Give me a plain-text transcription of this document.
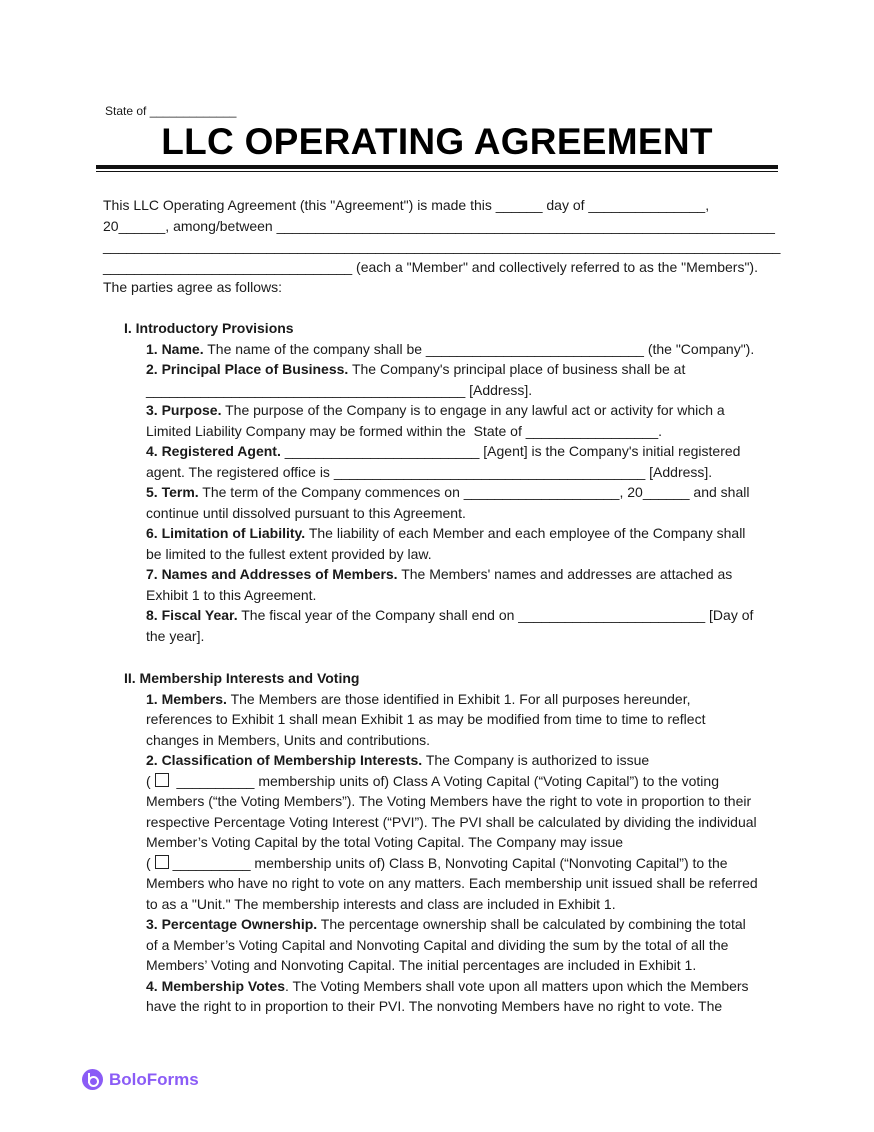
State of _____________
LLC OPERATING AGREEMENT
This LLC Operating Agreement (this "Agreement") is made this ______ day of _______________,
20______, among/between ________________________________________________________________
_______________________________________________________________________________________
________________________________ (each a "Member" and collectively referred to as the "Members").
The parties agree as follows:
I. Introductory Provisions
1. Name. The name of the company shall be ____________________________ (the "Company").
2. Principal Place of Business. The Company's principal place of business shall be at
_________________________________________ [Address].
3. Purpose. The purpose of the Company is to engage in any lawful act or activity for which a
Limited Liability Company may be formed within the  State of _________________.
4. Registered Agent. _________________________ [Agent] is the Company's initial registered
agent. The registered office is ________________________________________ [Address].
5. Term. The term of the Company commences on ____________________, 20______ and shall
continue until dissolved pursuant to this Agreement.
6. Limitation of Liability. The liability of each Member and each employee of the Company shall
be limited to the fullest extent provided by law.
7. Names and Addresses of Members. The Members' names and addresses are attached as
Exhibit 1 to this Agreement.
8. Fiscal Year. The fiscal year of the Company shall end on ________________________ [Day of
the year].
II. Membership Interests and Voting
1. Members. The Members are those identified in Exhibit 1. For all purposes hereunder,
references to Exhibit 1 shall mean Exhibit 1 as may be modified from time to time to reflect
changes in Members, Units and contributions.
2. Classification of Membership Interests. The Company is authorized to issue
( __________ membership units of) Class A Voting Capital (“Voting Capital”) to the voting
Members (“the Voting Members”). The Voting Members have the right to vote in proportion to their
respective Percentage Voting Interest (“PVI”). The PVI shall be calculated by dividing the individual
Member’s Voting Capital by the total Voting Capital. The Company may issue
( __________ membership units of) Class B, Nonvoting Capital (“Nonvoting Capital”) to the
Members who have no right to vote on any matters. Each membership unit issued shall be referred
to as a "Unit." The membership interests and class are included in Exhibit 1.
3. Percentage Ownership. The percentage ownership shall be calculated by combining the total
of a Member’s Voting Capital and Nonvoting Capital and dividing the sum by the total of all the
Members’ Voting and Nonvoting Capital. The initial percentages are included in Exhibit 1.
4. Membership Votes. The Voting Members shall vote upon all matters upon which the Members
have the right to in proportion to their PVI. The nonvoting Members have no right to vote. The
BoloForms
